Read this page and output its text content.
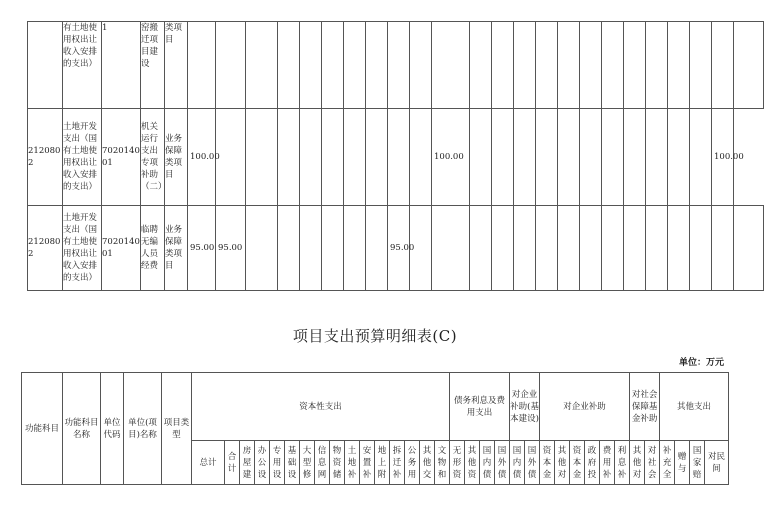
	有土地使用权出让收入安排的支出）	1	窑搬迁项目建设	类项目																								
2120802	土地开发支出（国有土地使用权出让收入安排的支出）	702014001	机关运行支出专项补助（二）	业务保障类项目	100.00										100.00												100.00	
2120802	土地开发支出（国有土地使用权出让收入安排的支出）	702014001	临聘无编人员经费	业务保障类项目	95.00	95.00							95.00															
项目支出预算明细表(C)
单位：万元
功能科目	功能科目名称	单位代码	单位(项目)名称	项目类型	资本性支出																债务利息及费用支出				对企业补助(基本建设)		对企业补助						对社会保障基金补助		其他支出			
					总计	合计	房屋建	办公设	专用设	基础设	大型修	信息网	物资储	土地补	安置补	地上附	拆迁补	公务用	其他交	文物和	无形资	其他资	国内债	国外债	国内债	国外债	资本金	其他对	资本金	政府投	费用补	利息补	其他对	对社会	补充全	赠与	国家赔	对民间
